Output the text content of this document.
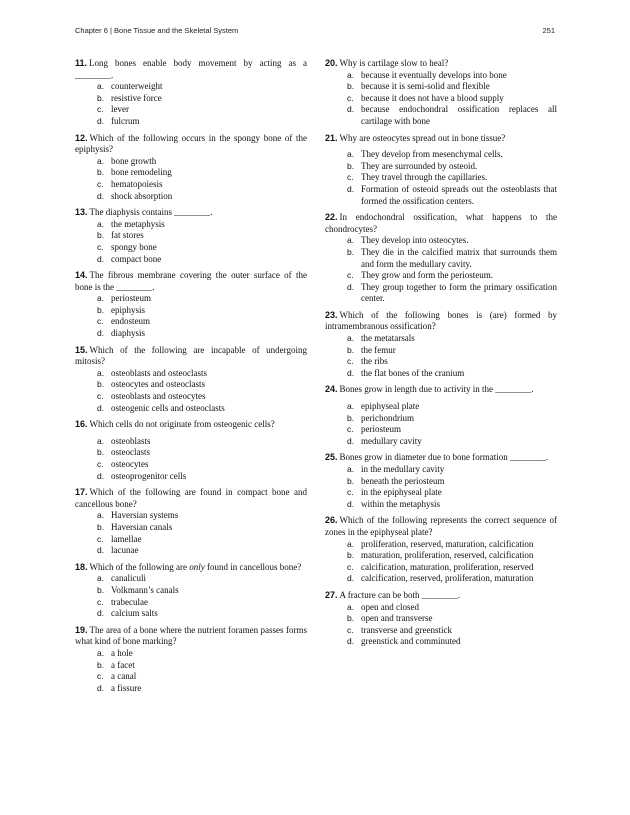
Chapter 6 | Bone Tissue and the Skeletal System	251
11. Long bones enable body movement by acting as a ________.
a. counterweight
b. resistive force
c. lever
d. fulcrum
12. Which of the following occurs in the spongy bone of the epiphysis?
a. bone growth
b. bone remodeling
c. hematopoiesis
d. shock absorption
13. The diaphysis contains ________.
a. the metaphysis
b. fat stores
c. spongy bone
d. compact bone
14. The fibrous membrane covering the outer surface of the bone is the ________.
a. periosteum
b. epiphysis
c. endosteum
d. diaphysis
15. Which of the following are incapable of undergoing mitosis?
a. osteoblasts and osteoclasts
b. osteocytes and osteoclasts
c. osteoblasts and osteocytes
d. osteogenic cells and osteoclasts
16. Which cells do not originate from osteogenic cells?
a. osteoblasts
b. osteoclasts
c. osteocytes
d. osteoprogenitor cells
17. Which of the following are found in compact bone and cancellous bone?
a. Haversian systems
b. Haversian canals
c. lamellae
d. lacunae
18. Which of the following are only found in cancellous bone?
a. canaliculi
b. Volkmann’s canals
c. trabeculae
d. calcium salts
19. The area of a bone where the nutrient foramen passes forms what kind of bone marking?
a. a hole
b. a facet
c. a canal
d. a fissure
20. Why is cartilage slow to heal?
a. because it eventually develops into bone
b. because it is semi-solid and flexible
c. because it does not have a blood supply
d. because endochondral ossification replaces all cartilage with bone
21. Why are osteocytes spread out in bone tissue?
a. They develop from mesenchymal cells.
b. They are surrounded by osteoid.
c. They travel through the capillaries.
d. Formation of osteoid spreads out the osteoblasts that formed the ossification centers.
22. In endochondral ossification, what happens to the chondrocytes?
a. They develop into osteocytes.
b. They die in the calcified matrix that surrounds them and form the medullary cavity.
c. They grow and form the periosteum.
d. They group together to form the primary ossification center.
23. Which of the following bones is (are) formed by intramembranous ossification?
a. the metatarsals
b. the femur
c. the ribs
d. the flat bones of the cranium
24. Bones grow in length due to activity in the ________.
a. epiphyseal plate
b. perichondrium
c. periosteum
d. medullary cavity
25. Bones grow in diameter due to bone formation ________.
a. in the medullary cavity
b. beneath the periosteum
c. in the epiphyseal plate
d. within the metaphysis
26. Which of the following represents the correct sequence of zones in the epiphyseal plate?
a. proliferation, reserved, maturation, calcification
b. maturation, proliferation, reserved, calcification
c. calcification, maturation, proliferation, reserved
d. calcification, reserved, proliferation, maturation
27. A fracture can be both ________.
a. open and closed
b. open and transverse
c. transverse and greenstick
d. greenstick and comminuted
